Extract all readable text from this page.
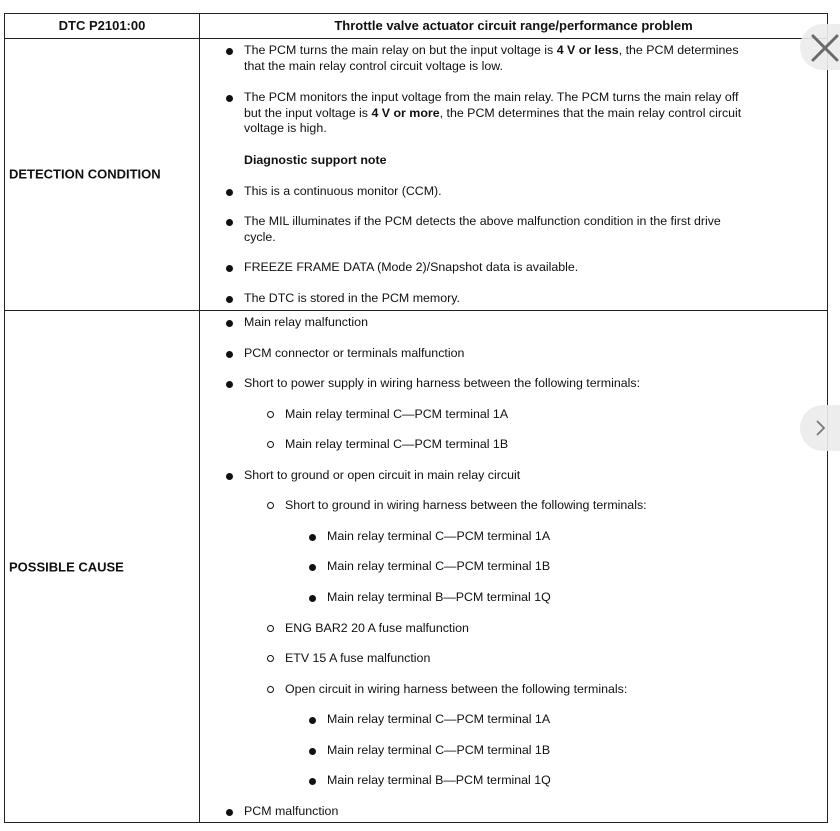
DTC P2101:00	Throttle valve actuator circuit range/performance problem
DETECTION CONDITION
The PCM turns the main relay on but the input voltage is 4 V or less, the PCM determines
that the main relay control circuit voltage is low.
The PCM monitors the input voltage from the main relay. The PCM turns the main relay off
but the input voltage is 4 V or more, the PCM determines that the main relay control circuit
voltage is high.
Diagnostic support note
This is a continuous monitor (CCM).
The MIL illuminates if the PCM detects the above malfunction condition in the first drive
cycle.
FREEZE FRAME DATA (Mode 2)/Snapshot data is available.
The DTC is stored in the PCM memory.
POSSIBLE CAUSE
Main relay malfunction
PCM connector or terminals malfunction
Short to power supply in wiring harness between the following terminals:
Main relay terminal C—PCM terminal 1A
Main relay terminal C—PCM terminal 1B
Short to ground or open circuit in main relay circuit
Short to ground in wiring harness between the following terminals:
Main relay terminal C—PCM terminal 1A
Main relay terminal C—PCM terminal 1B
Main relay terminal B—PCM terminal 1Q
ENG BAR2 20 A fuse malfunction
ETV 15 A fuse malfunction
Open circuit in wiring harness between the following terminals:
Main relay terminal C—PCM terminal 1A
Main relay terminal C—PCM terminal 1B
Main relay terminal B—PCM terminal 1Q
PCM malfunction
